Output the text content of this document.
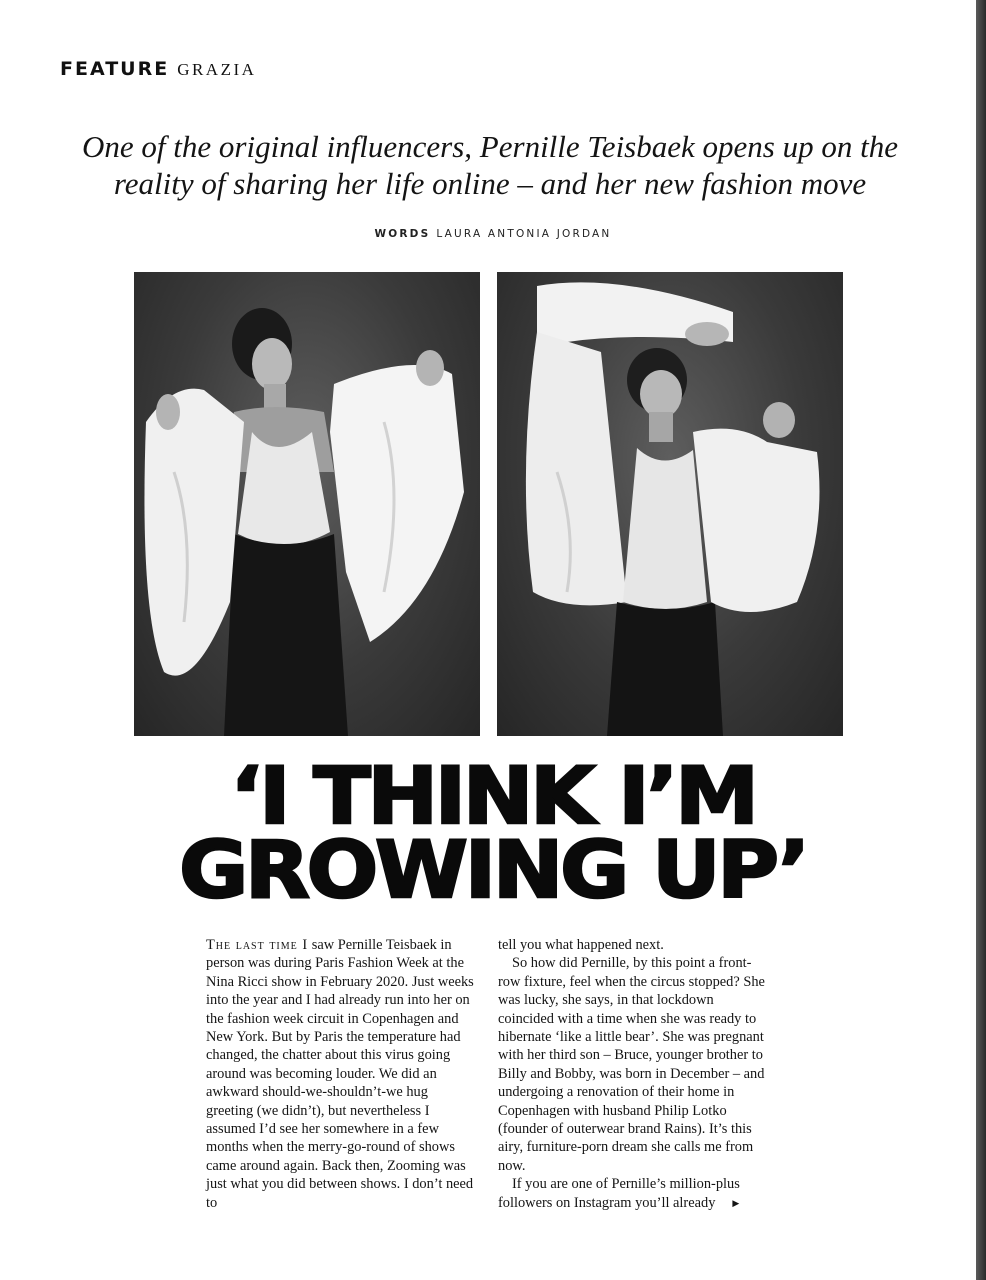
FEATURE GRAZIA
One of the original influencers, Pernille Teisbaek opens up on the
reality of sharing her life online – and her new fashion move
WORDS LAURA ANTONIA JORDAN
‘I THINK I’M
GROWING UP’

The last time I saw Pernille Teisbaek in person was during Paris Fashion Week at the Nina Ricci show in February 2020. Just weeks into the year and I had already run into her on the fashion week circuit in Copenhagen and New York. But by Paris the temperature had changed, the chatter about this virus going around was becoming louder. We did an awkward should-we-shouldn’t-we hug greeting (we didn’t), but nevertheless I assumed I’d see her somewhere in a few months when the merry-go-round of shows came around again. Back then, Zooming was just what you did between shows. I don’t need to

tell you what happened next.

So how did Pernille, by this point a front-row fixture, feel when the circus stopped? She was lucky, she says, in that lockdown coincided with a time when she was ready to hibernate ‘like a little bear’. She was pregnant with her third son – Bruce, younger brother to Billy and Bobby, was born in December – and undergoing a renovation of their home in Copenhagen with husband Philip Lotko (founder of outerwear brand Rains). It’s this airy, furniture-porn dream she calls me from now.

If you are one of Pernille’s million-plus followers on Instagram you’ll already ▶
